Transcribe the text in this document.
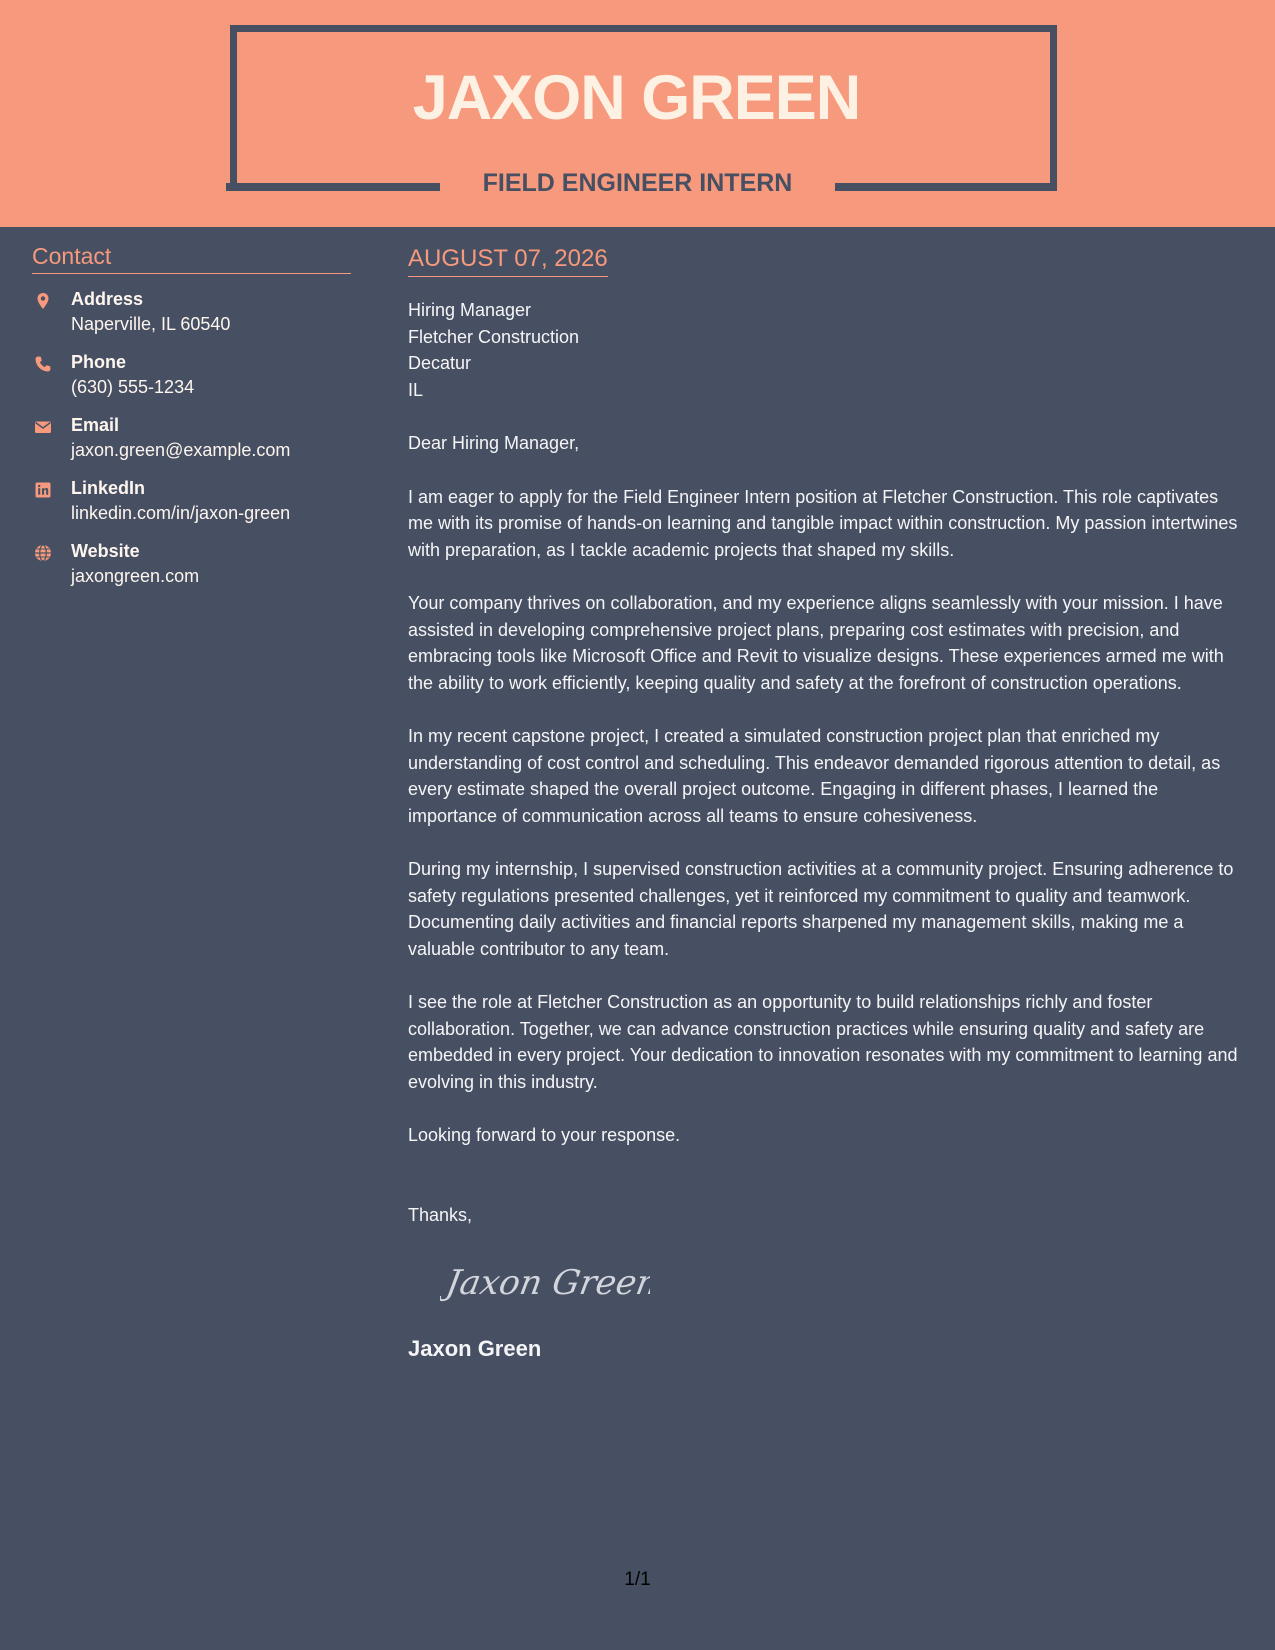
JAXON GREEN
FIELD ENGINEER INTERN
Contact
Address
Naperville, IL 60540
Phone
(630) 555-1234
Email
jaxon.green@example.com
LinkedIn
linkedin.com/in/jaxon-green
Website
jaxongreen.com
AUGUST 07, 2026
Hiring Manager
Fletcher Construction
Decatur
IL
Dear Hiring Manager,
I am eager to apply for the Field Engineer Intern position at Fletcher Construction. This role captivates me with its promise of hands-on learning and tangible impact within construction. My passion intertwines with preparation, as I tackle academic projects that shaped my skills.
Your company thrives on collaboration, and my experience aligns seamlessly with your mission. I have assisted in developing comprehensive project plans, preparing cost estimates with precision, and embracing tools like Microsoft Office and Revit to visualize designs. These experiences armed me with the ability to work efficiently, keeping quality and safety at the forefront of construction operations.
In my recent capstone project, I created a simulated construction project plan that enriched my understanding of cost control and scheduling. This endeavor demanded rigorous attention to detail, as every estimate shaped the overall project outcome. Engaging in different phases, I learned the importance of communication across all teams to ensure cohesiveness.
During my internship, I supervised construction activities at a community project. Ensuring adherence to safety regulations presented challenges, yet it reinforced my commitment to quality and teamwork. Documenting daily activities and financial reports sharpened my management skills, making me a valuable contributor to any team.
I see the role at Fletcher Construction as an opportunity to build relationships richly and foster collaboration. Together, we can advance construction practices while ensuring quality and safety are embedded in every project. Your dedication to innovation resonates with my commitment to learning and evolving in this industry.
Looking forward to your response.
Thanks,
Jaxon Green
Jaxon Green
1/1
